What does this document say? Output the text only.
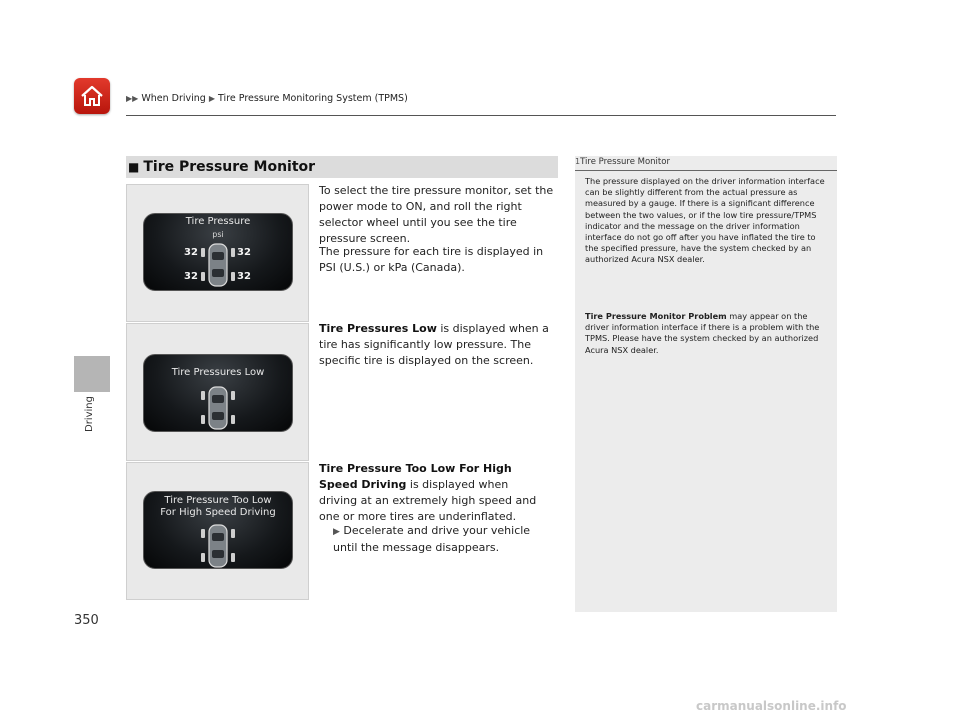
▶▶ When Driving ▶ Tire Pressure Monitoring System (TPMS)
Driving
350
■ Tire Pressure Monitor
Tire Pressure
psi
32	32
32	32
Tire Pressures Low
Tire Pressure Too Low
For High Speed Driving
To select the tire pressure monitor, set the power mode to ON, and roll the right selector wheel until you see the tire pressure screen.
The pressure for each tire is displayed in PSI (U.S.) or kPa (Canada).
Tire Pressures Low is displayed when a tire has significantly low pressure. The specific tire is displayed on the screen.
Tire Pressure Too Low For High Speed Driving is displayed when driving at an extremely high speed and one or more tires are underinflated.
▶ Decelerate and drive your vehicle until the message disappears.
1Tire Pressure Monitor
The pressure displayed on the driver information interface can be slightly different from the actual pressure as measured by a gauge. If there is a significant difference between the two values, or if the low tire pressure/TPMS indicator and the message on the driver information interface do not go off after you have inflated the tire to the specified pressure, have the system checked by an authorized Acura NSX dealer.
Tire Pressure Monitor Problem may appear on the driver information interface if there is a problem with the TPMS. Please have the system checked by an authorized Acura NSX dealer.
carmanualsonline.info
